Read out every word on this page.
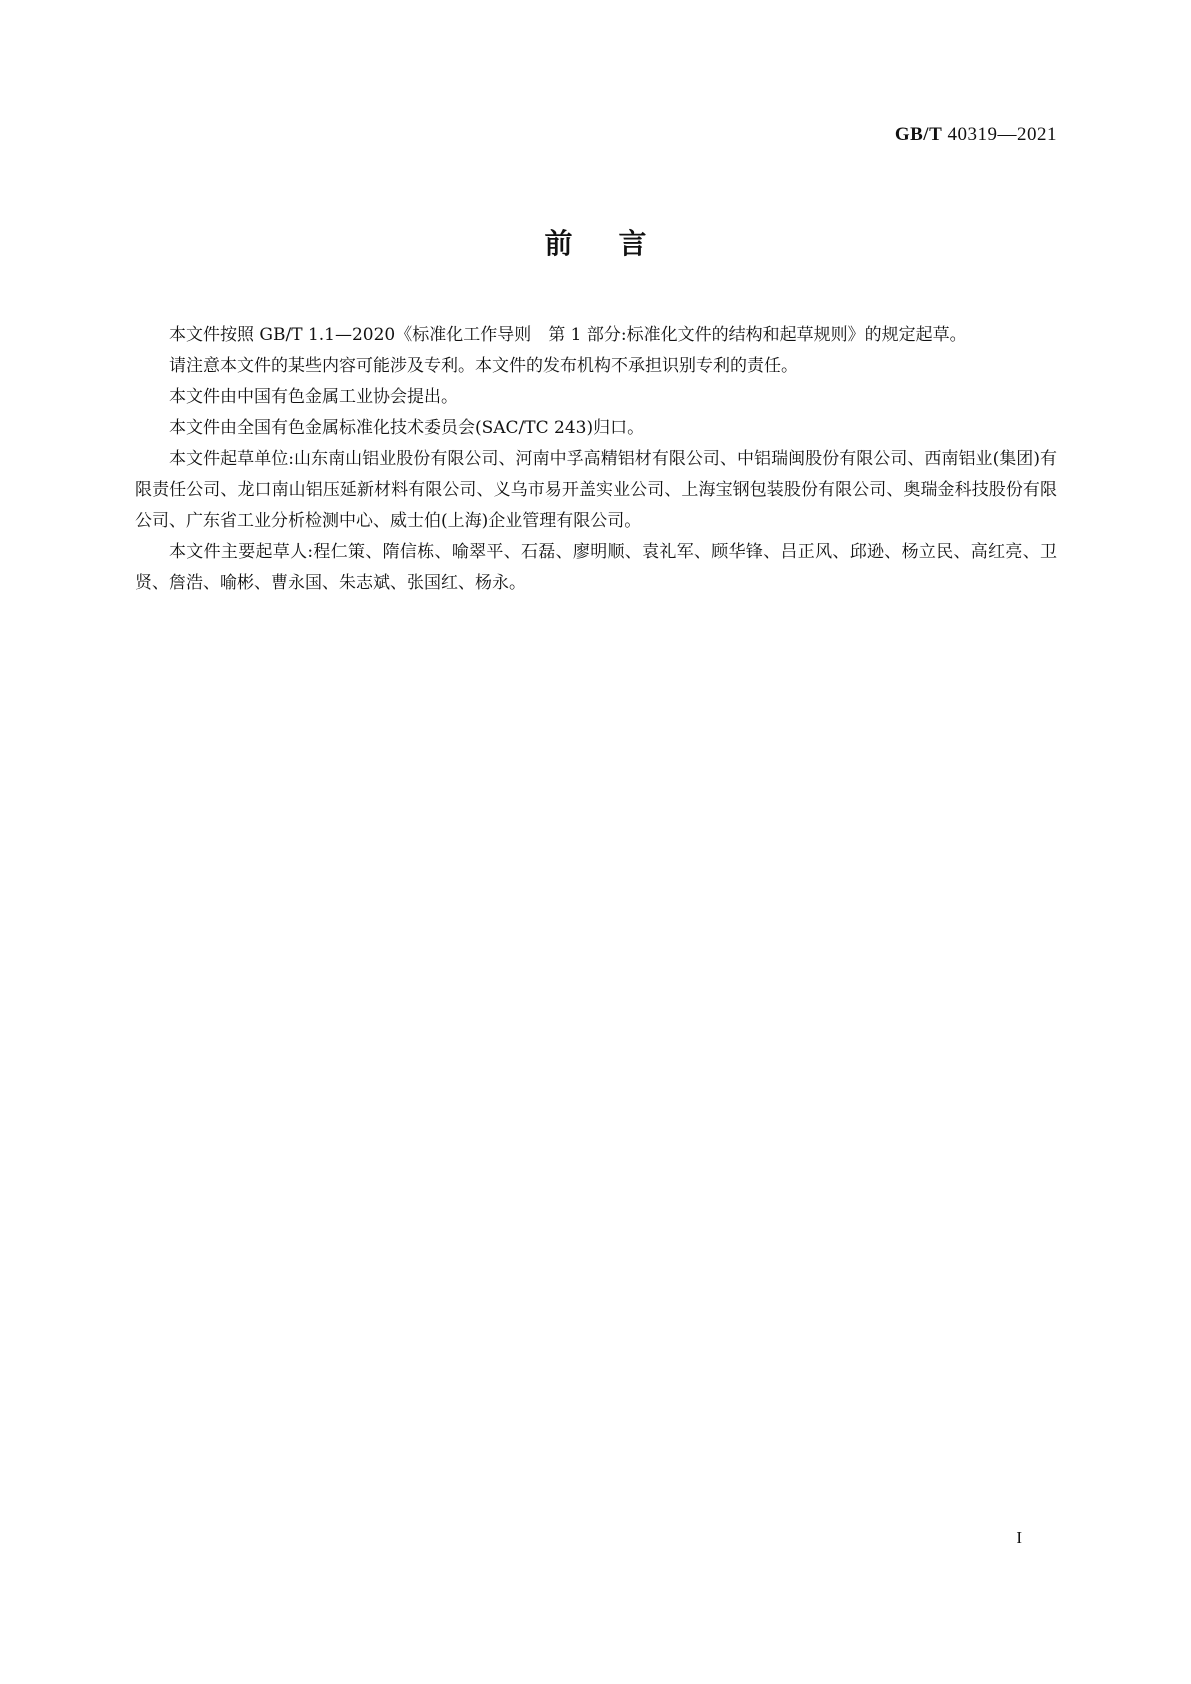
GB/T 40319—2021
前 言

本文件按照 GB/T 1.1—2020《标准化工作导则　第 1 部分:标准化文件的结构和起草规则》的规定起草。

请注意本文件的某些内容可能涉及专利。本文件的发布机构不承担识别专利的责任。

本文件由中国有色金属工业协会提出。

本文件由全国有色金属标准化技术委员会(SAC/TC 243)归口。

本文件起草单位:山东南山铝业股份有限公司、河南中孚高精铝材有限公司、中铝瑞闽股份有限公司、西南铝业(集团)有限责任公司、龙口南山铝压延新材料有限公司、义乌市易开盖实业公司、上海宝钢包装股份有限公司、奥瑞金科技股份有限公司、广东省工业分析检测中心、威士伯(上海)企业管理有限公司。

本文件主要起草人:程仁策、隋信栋、喻翠平、石磊、廖明顺、袁礼军、顾华锋、吕正风、邱逊、杨立民、高红亮、卫贤、詹浩、喻彬、曹永国、朱志斌、张国红、杨永。

I
